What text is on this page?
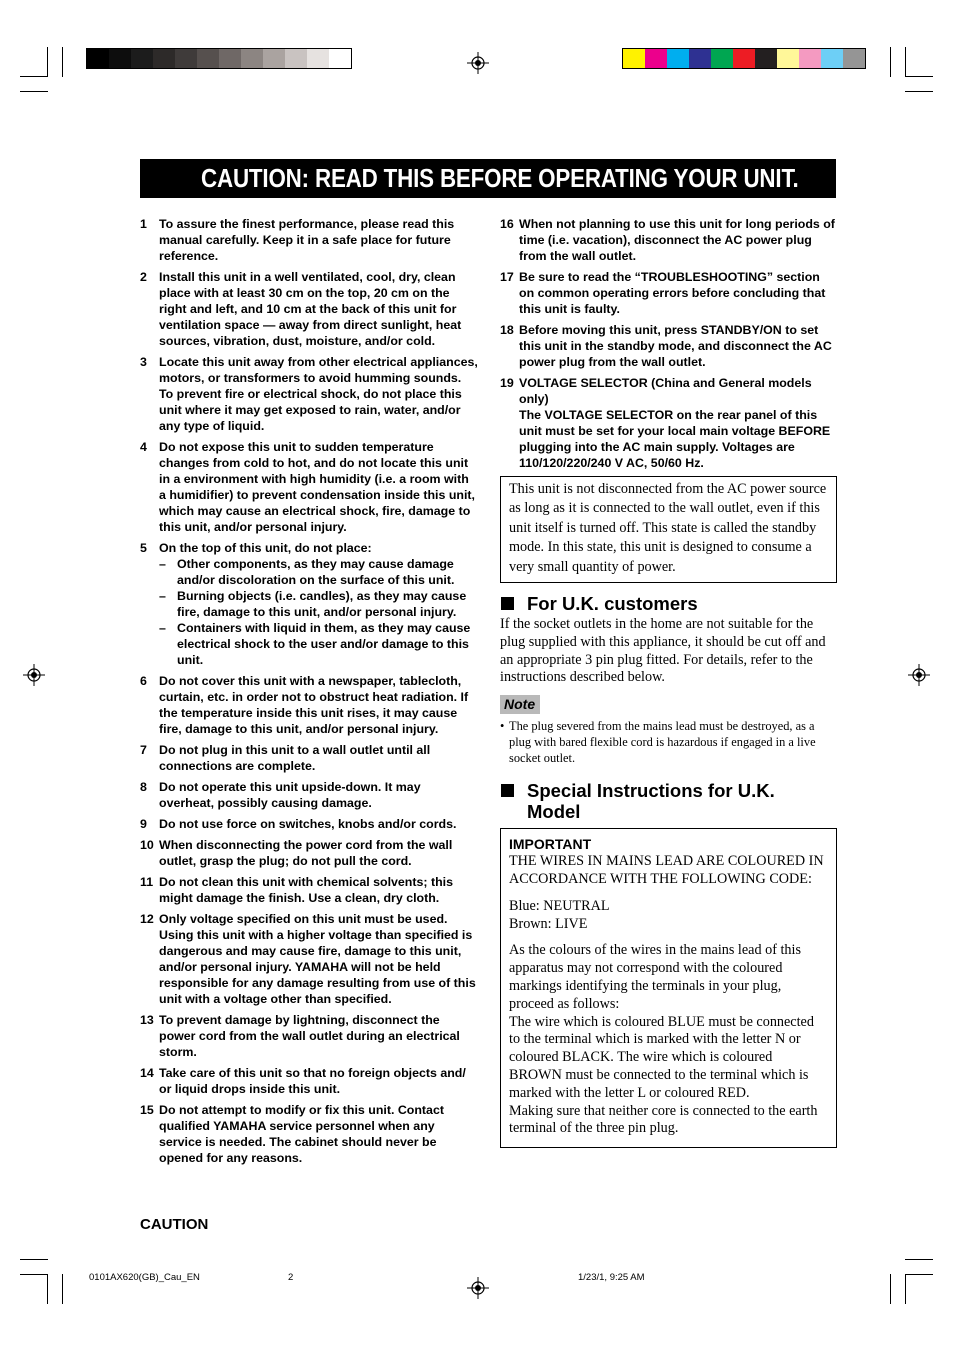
CAUTION: READ THIS BEFORE OPERATING YOUR UNIT.
1 To assure the finest performance, please read this manual carefully. Keep it in a safe place for future reference.
2 Install this unit in a well ventilated, cool, dry, clean place with at least 30 cm on the top, 20 cm on the right and left, and 10 cm at the back of this unit for ventilation space — away from direct sunlight, heat sources, vibration, dust, moisture, and/or cold.
3 Locate this unit away from other electrical appliances, motors, or transformers to avoid humming sounds. To prevent fire or electrical shock, do not place this unit where it may get exposed to rain, water, and/or any type of liquid.
4 Do not expose this unit to sudden temperature changes from cold to hot, and do not locate this unit in a environment with high humidity (i.e. a room with a humidifier) to prevent condensation inside this unit, which may cause an electrical shock, fire, damage to this unit, and/or personal injury.
5 On the top of this unit, do not place:
– Other components, as they may cause damage and/or discoloration on the surface of this unit.
– Burning objects (i.e. candles), as they may cause fire, damage to this unit, and/or personal injury.
– Containers with liquid in them, as they may cause electrical shock to the user and/or damage to this unit.
6 Do not cover this unit with a newspaper, tablecloth, curtain, etc. in order not to obstruct heat radiation. If the temperature inside this unit rises, it may cause fire, damage to this unit, and/or personal injury.
7 Do not plug in this unit to a wall outlet until all connections are complete.
8 Do not operate this unit upside-down. It may overheat, possibly causing damage.
9 Do not use force on switches, knobs and/or cords.
10 When disconnecting the power cord from the wall outlet, grasp the plug; do not pull the cord.
11 Do not clean this unit with chemical solvents; this might damage the finish. Use a clean, dry cloth.
12 Only voltage specified on this unit must be used. Using this unit with a higher voltage than specified is dangerous and may cause fire, damage to this unit, and/or personal injury. YAMAHA will not be held responsible for any damage resulting from use of this unit with a voltage other than specified.
13 To prevent damage by lightning, disconnect the power cord from the wall outlet during an electrical storm.
14 Take care of this unit so that no foreign objects and/ or liquid drops inside this unit.
15 Do not attempt to modify or fix this unit. Contact qualified YAMAHA service personnel when any service is needed. The cabinet should never be opened for any reasons.
16 When not planning to use this unit for long periods of time (i.e. vacation), disconnect the AC power plug from the wall outlet.
17 Be sure to read the “TROUBLESHOOTING” section on common operating errors before concluding that this unit is faulty.
18 Before moving this unit, press STANDBY/ON to set this unit in the standby mode, and disconnect the AC power plug from the wall outlet.
19 VOLTAGE SELECTOR (China and General models only)
The VOLTAGE SELECTOR on the rear panel of this unit must be set for your local main voltage BEFORE plugging into the AC main supply. Voltages are 110/120/220/240 V AC, 50/60 Hz.
This unit is not disconnected from the AC power source as long as it is connected to the wall outlet, even if this unit itself is turned off. This state is called the standby mode. In this state, this unit is designed to consume a very small quantity of power.
For U.K. customers
If the socket outlets in the home are not suitable for the plug supplied with this appliance, it should be cut off and an appropriate 3 pin plug fitted. For details, refer to the instructions described below.
Note
• The plug severed from the mains lead must be destroyed, as a plug with bared flexible cord is hazardous if engaged in a live socket outlet.
Special Instructions for U.K.
Model
IMPORTANT

THE WIRES IN MAINS LEAD ARE COLOURED IN ACCORDANCE WITH THE FOLLOWING CODE:

Blue: NEUTRAL

Brown: LIVE

As the colours of the wires in the mains lead of this apparatus may not correspond with the coloured markings identifying the terminals in your plug, proceed as follows:

The wire which is coloured BLUE must be connected to the terminal which is marked with the letter N or coloured BLACK. The wire which is coloured BROWN must be connected to the terminal which is marked with the letter L or coloured RED.

Making sure that neither core is connected to the earth terminal of the three pin plug.

CAUTION
0101AX620(GB)_Cau_EN	2	1/23/1, 9:25 AM
